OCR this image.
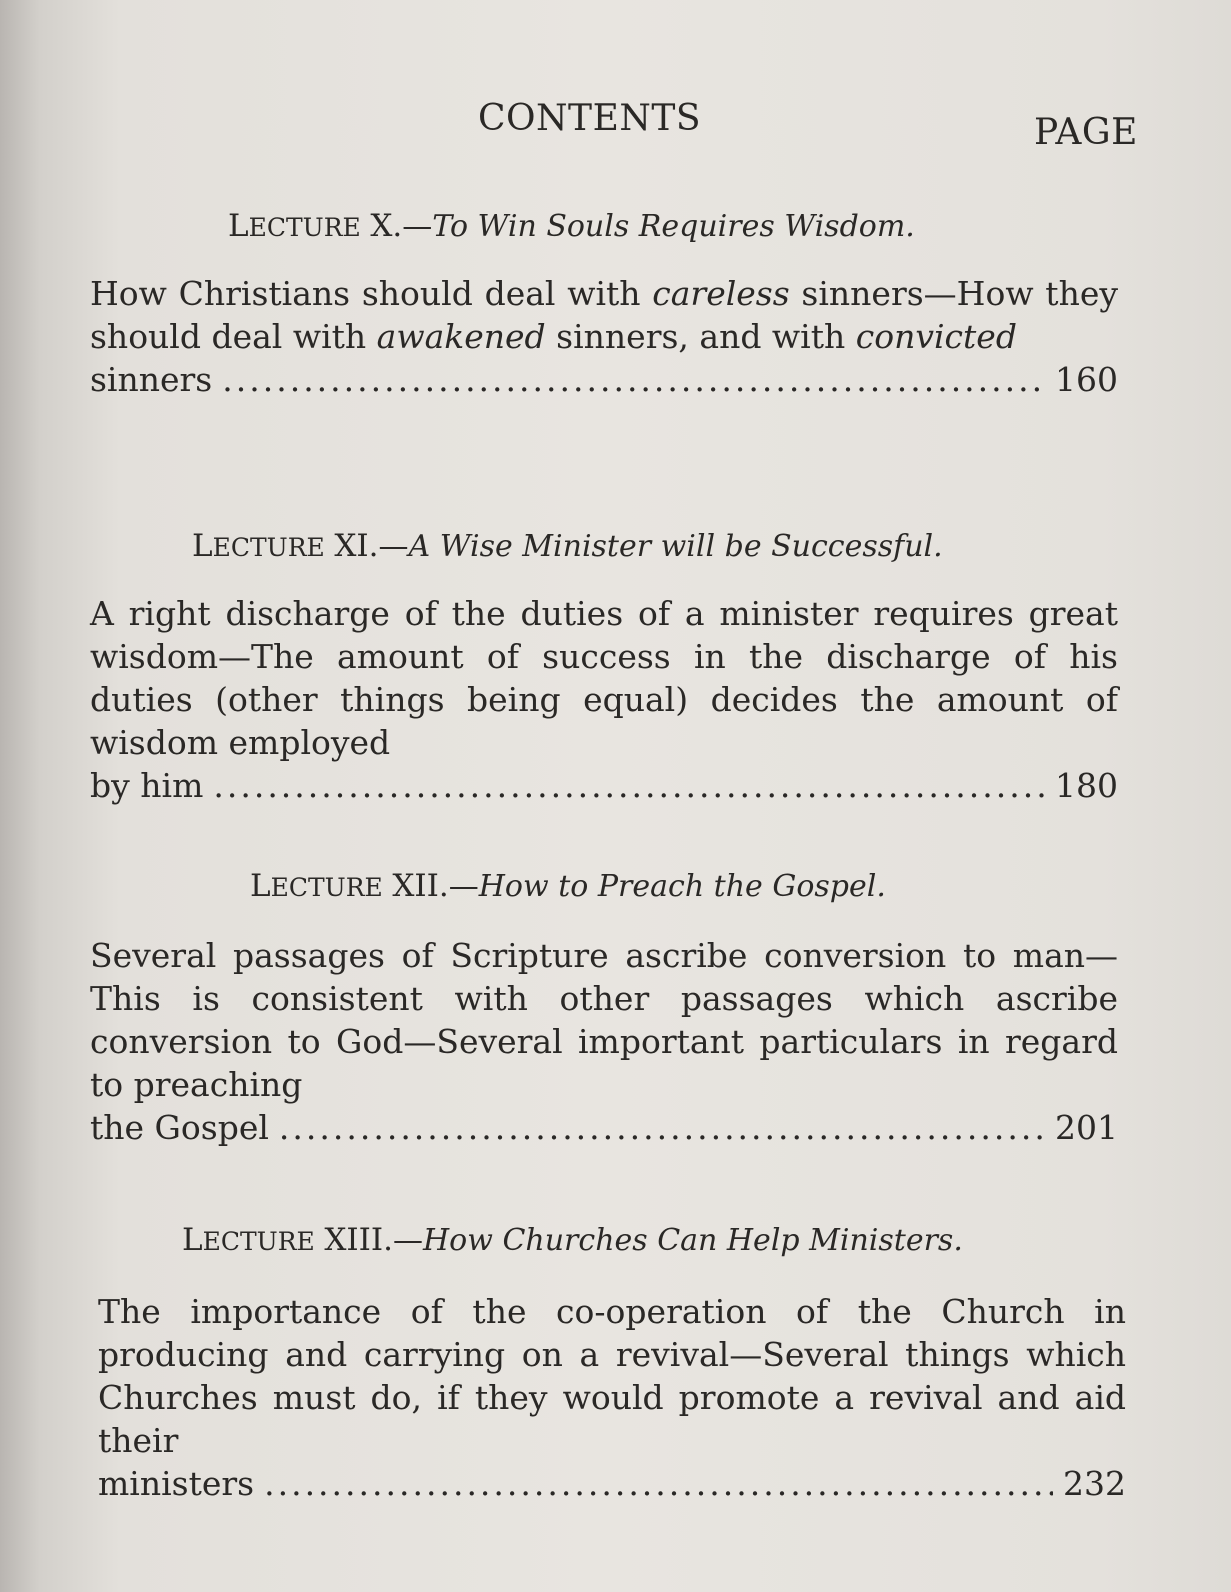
CONTENTS	PAGE
LECTURE X.—To Win Souls Requires Wisdom.
How Christians should deal with careless sinners—How they should deal with awakened sinners, and with convicted
sinners .....	160
LECTURE XI.—A Wise Minister will be Successful.
A right discharge of the duties of a minister requires great wisdom—The amount of success in the discharge of his duties (other things being equal) decides the amount of wisdom employed
by him .....	180
LECTURE XII.—How to Preach the Gospel.
Several passages of Scripture ascribe conversion to man—This is consistent with other passages which ascribe conversion to God—Several important particulars in regard to preaching
the Gospel .....	201
LECTURE XIII.—How Churches Can Help Ministers.
The importance of the co-operation of the Church in producing and carrying on a revival—Several things which Churches must do, if they would promote a revival and aid their
ministers .....	232
